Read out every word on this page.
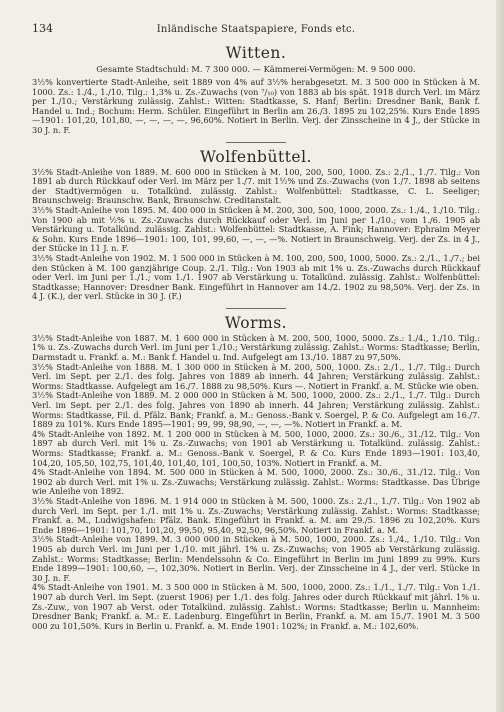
134	Inländische Staatspapiere, Fonds etc.
Witten.
Gesamte Stadtschuld: M. 7 300 000. — Kämmerei-Vermögen: M. 9 500 000.

3½% konvertierte Stadt-Anleihe, seit 1889 von 4% auf 3½% herabgesetzt. M. 3 500 000 in Stücken à M. 1000. Zs.: 1./4., 1./10. Tilg.: 1,3% u. Zs.-Zuwachs (von ⁷/₁₀) von 1883 ab bis spät. 1918 durch Verl. im März per 1./10.; Verstärkung zulässig. Zahlst.: Witten: Stadtkasse, S. Hanf; Berlin: Dresdner Bank, Bank f. Handel u. Ind.; Bochum: Herm. Schüler. Eingeführt in Berlin am 26./3. 1895 zu 102,25%. Kurs Ende 1895—1901: 101,20, 101,80, —, —, —, —, 96,60%. Notiert in Berlin. Verj. der Zinsscheine in 4 J., der Stücke in 30 J. n. F.

Wolfenbüttel.

3½% Stadt-Anleihe von 1889. M. 600 000 in Stücken à M. 100, 200, 500, 1000. Zs.: 2./1., 1./7. Tilg.: Von 1891 ab durch Rückkauf oder Verl. im März per 1./7. mit 1½% und Zs.-Zuwachs (von 1./7. 1898 ab seitens der Stadt)vermögen u. Totalkünd. zulässig. Zahlst.: Wolfenbüttel: Stadtkasse, C. L. Seeliger; Braunschweig: Braunschw. Bank, Braunschw. Creditanstalt.

3½% Stadt-Anleihe von 1895. M. 400 000 in Stücken à M. 200, 300, 500, 1000, 2000. Zs.: 1./4., 1./10. Tilg.: Von 1900 ab mit ½% u. Zs.-Zuwachs durch Rückkauf oder Verl. im Juni per 1./10.; vom 1./6. 1905 ab Verstärkung u. Totalkünd. zulässig. Zahlst.: Wolfenbüttel: Stadtkasse, A. Fink; Hannover: Ephraim Meyer & Sohn. Kurs Ende 1896—1901: 100, 101, 99,60, —, —, —%. Notiert in Braunschweig. Verj. der Zs. in 4 J., der Stücke in 11 J. n. F.

3½% Stadt-Anleihe von 1902. M. 1 500 000 in Stücken à M. 100, 200, 500, 1000, 5000. Zs.: 2./1., 1./7.; bei den Stücken à M. 100 ganzjährige Coup. 2./1. Tilg.: Von 1903 ab mit 1% u. Zs.-Zuwachs durch Rückkauf oder Verl. im Juni per 1./1.; vom 1./1. 1907 ab Verstärkung u. Totalkünd. zulässig. Zahlst.: Wolfenbüttel: Stadtkasse; Hannover: Dresdner Bank. Eingeführt in Hannover am 14./2. 1902 zu 98,50%. Verj. der Zs. in 4 J. (K.), der verl. Stücke in 30 J. (F.)

Worms.

3½% Stadt-Anleihe von 1887. M. 1 600 000 in Stücken à M. 200, 500, 1000, 5000. Zs.: 1./4., 1./10. Tilg.: 1% u. Zs.-Zuwachs durch Verl. im Juni per 1./10.; Verstärkung zulässig. Zahlst.: Worms: Stadtkasse; Berlin, Darmstadt u. Frankf. a. M.: Bank f. Handel u. Ind. Aufgelegt am 13./10. 1887 zu 97,50%.

3½% Stadt-Anleihe von 1888. M. 1 300 000 in Stücken à M. 200, 500, 1000. Zs.: 2./1., 1./7. Tilg.: Durch Verl. im Sept. per 2./1. des folg. Jahres von 1889 ab innerh. 44 Jahren; Verstärkung zulässig. Zahlst.: Worms: Stadtkasse. Aufgelegt am 16./7. 1888 zu 98,50%. Kurs —. Notiert in Frankf. a. M. Stücke wie oben.

3½% Stadt-Anleihe von 1889. M. 2 000 000 in Stücken à M. 500, 1000, 2000. Zs.: 2./1., 1./7. Tilg.: Durch Verl. im Sept. per 2./1. des folg. Jahres von 1890 ab innerh. 44 Jahren; Verstärkung zulässig. Zahlst.: Worms: Stadtkasse, Fil. d. Pfälz. Bank; Frankf. a. M.: Genoss.-Bank v. Soergel, P. & Co. Aufgelegt am 16./7. 1889 zu 101%. Kurs Ende 1895—1901: 99, 99, 98,90, —, —, —%. Notiert in Frankf. a. M.

4% Stadt-Anleihe von 1892. M. 1 200 000 in Stücken à M. 500, 1000, 2000. Zs.: 30./6., 31./12. Tilg.: Von 1897 ab durch Verl. mit 1% u. Zs.-Zuwachs; von 1901 ab Verstärkung u. Totalkünd. zulässig. Zahlst.: Worms: Stadtkasse; Frankf. a. M.: Genoss.-Bank v. Soergel, P. & Co. Kurs Ende 1893—1901: 103,40, 104,20, 105,50, 102,75, 101,40, 101,40, 101, 100,50, 103%. Notiert in Frankf. a. M.

4% Stadt-Anleihe von 1894. M. 500 000 in Stücken à M. 500, 1000, 2000. Zs.: 30./6., 31./12. Tilg.: Von 1902 ab durch Verl. mit 1% u. Zs.-Zuwachs; Verstärkung zulässig. Zahlst.: Worms: Stadtkasse. Das Übrige wie Anleihe von 1892.

3½% Stadt-Anleihe von 1896. M. 1 914 000 in Stücken à M. 500, 1000. Zs.: 2./1., 1./7. Tilg.: Von 1902 ab durch Verl. im Sept. per 1./1. mit 1% u. Zs.-Zuwachs; Verstärkung zulässig. Zahlst.: Worms: Stadtkasse; Frankf. a. M., Ludwigshafen: Pfälz. Bank. Eingeführt in Frankf. a. M. am 29./5. 1896 zu 102,20%. Kurs Ende 1896—1901: 101,70, 101,20, 99,50, 95,40, 92,50, 96,50%. Notiert in Frankf. a. M.

3½% Stadt-Anleihe von 1899. M. 3 000 000 in Stücken à M. 500, 1000, 2000. Zs.: 1./4., 1./10. Tilg.: Von 1905 ab durch Verl. im Juni per 1./10. mit jährl. 1% u. Zs.-Zuwachs; von 1905 ab Verstärkung zulässig. Zahlst.: Worms: Stadtkasse; Berlin: Mendelssohn & Co. Eingeführt in Berlin im Juni 1899 zu 99%. Kurs Ende 1899—1901: 100,60, —, 102,30%. Notiert in Berlin. Verj. der Zinsscheine in 4 J., der verl. Stücke in 30 J. n. F.

4% Stadt-Anleihe von 1901. M. 3 500 000 in Stücken à M. 500, 1000, 2000. Zs.: 1./1., 1./7. Tilg.: Von 1./1. 1907 ab durch Verl. im Sept. (zuerst 1906) per 1./1. des folg. Jahres oder durch Rückkauf mit jährl. 1% u. Zs.-Zuw., von 1907 ab Verst. oder Totalkünd. zulässig. Zahlst.: Worms: Stadtkasse; Berlin u. Mannheim: Dresdner Bank; Frankf. a. M.: E. Ladenburg. Eingeführt in Berlin, Frankf. a. M. am 15./7. 1901 M. 3 500 000 zu 101,50%. Kurs in Berlin u. Frankf. a. M. Ende 1901: 102%; in Frankf. a. M.: 102,60%.
